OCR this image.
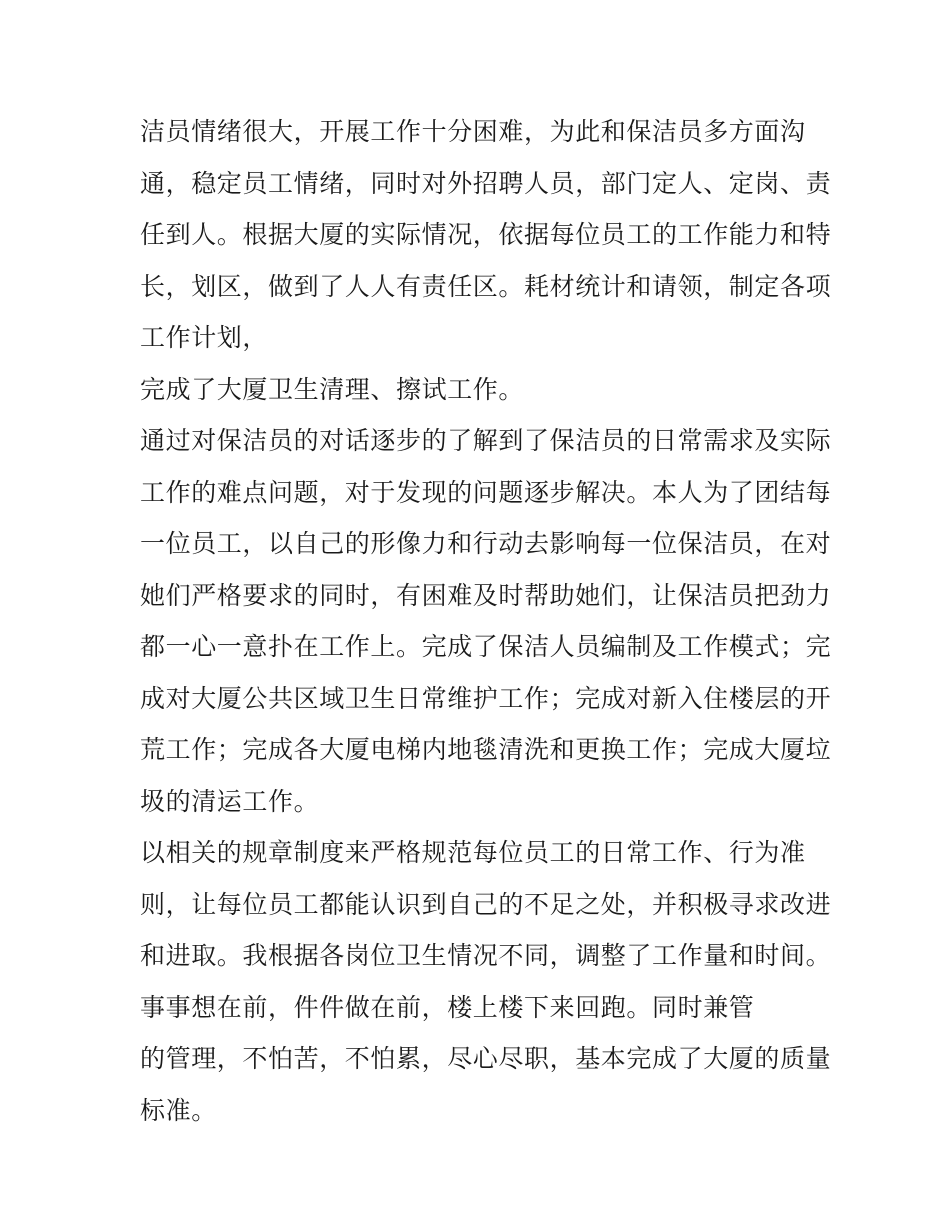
洁员情绪很大，开展工作十分困难，为此和保洁员多方面沟
通，稳定员工情绪，同时对外招聘人员，部门定人、定岗、责
任到人。根据大厦的实际情况，依据每位员工的工作能力和特
长，划区，做到了人人有责任区。耗材统计和请领，制定各项
工作计划，
完成了大厦卫生清理、擦试工作。
通过对保洁员的对话逐步的了解到了保洁员的日常需求及实际
工作的难点问题，对于发现的问题逐步解决。本人为了团结每
一位员工，以自己的形像力和行动去影响每一位保洁员，在对
她们严格要求的同时，有困难及时帮助她们，让保洁员把劲力
都一心一意扑在工作上。完成了保洁人员编制及工作模式；完
成对大厦公共区域卫生日常维护工作；完成对新入住楼层的开
荒工作；完成各大厦电梯内地毯清洗和更换工作；完成大厦垃
圾的清运工作。
以相关的规章制度来严格规范每位员工的日常工作、行为准
则，让每位员工都能认识到自己的不足之处，并积极寻求改进
和进取。我根据各岗位卫生情况不同，调整了工作量和时间。
事事想在前，件件做在前，楼上楼下来回跑。同时兼管
的管理，不怕苦，不怕累，尽心尽职，基本完成了大厦的质量
标准。
